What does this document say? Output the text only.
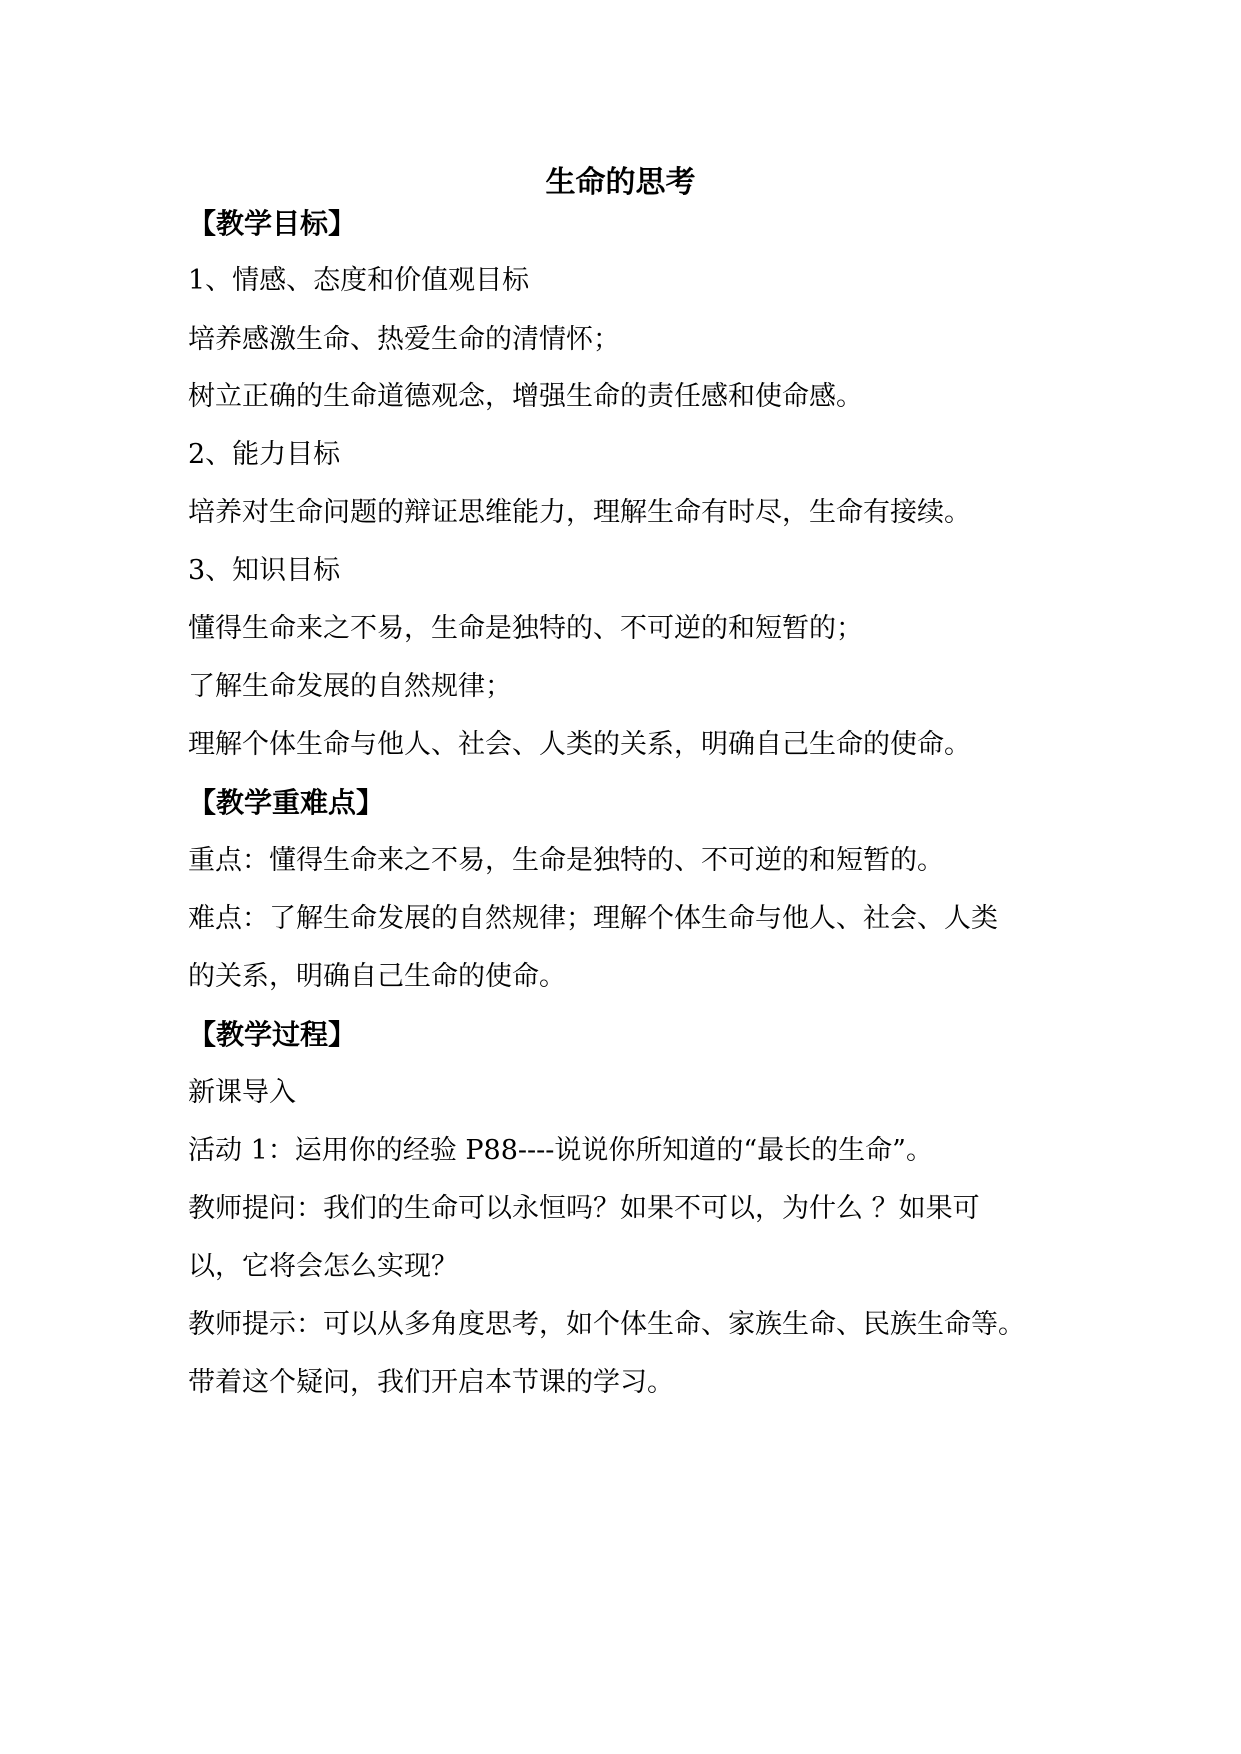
生命的思考

【教学目标】

1、情感、态度和价值观目标

培养感激生命、热爱生命的清情怀；

树立正确的生命道德观念，增强生命的责任感和使命感。

2、能力目标

培养对生命问题的辩证思维能力，理解生命有时尽，生命有接续。

3、知识目标

懂得生命来之不易，生命是独特的、不可逆的和短暂的；

了解生命发展的自然规律；

理解个体生命与他人、社会、人类的关系，明确自己生命的使命。

【教学重难点】

重点：懂得生命来之不易，生命是独特的、不可逆的和短暂的。

难点：了解生命发展的自然规律；理解个体生命与他人、社会、人类

的关系，明确自己生命的使命。

【教学过程】

新课导入

活动 1：运用你的经验 P88----说说你所知道的“最长的生命”。

教师提问：我们的生命可以永恒吗？如果不可以，为什么 ？如果可

以，它将会怎么实现？

教师提示：可以从多角度思考，如个体生命、家族生命、民族生命等。

带着这个疑问，我们开启本节课的学习。
